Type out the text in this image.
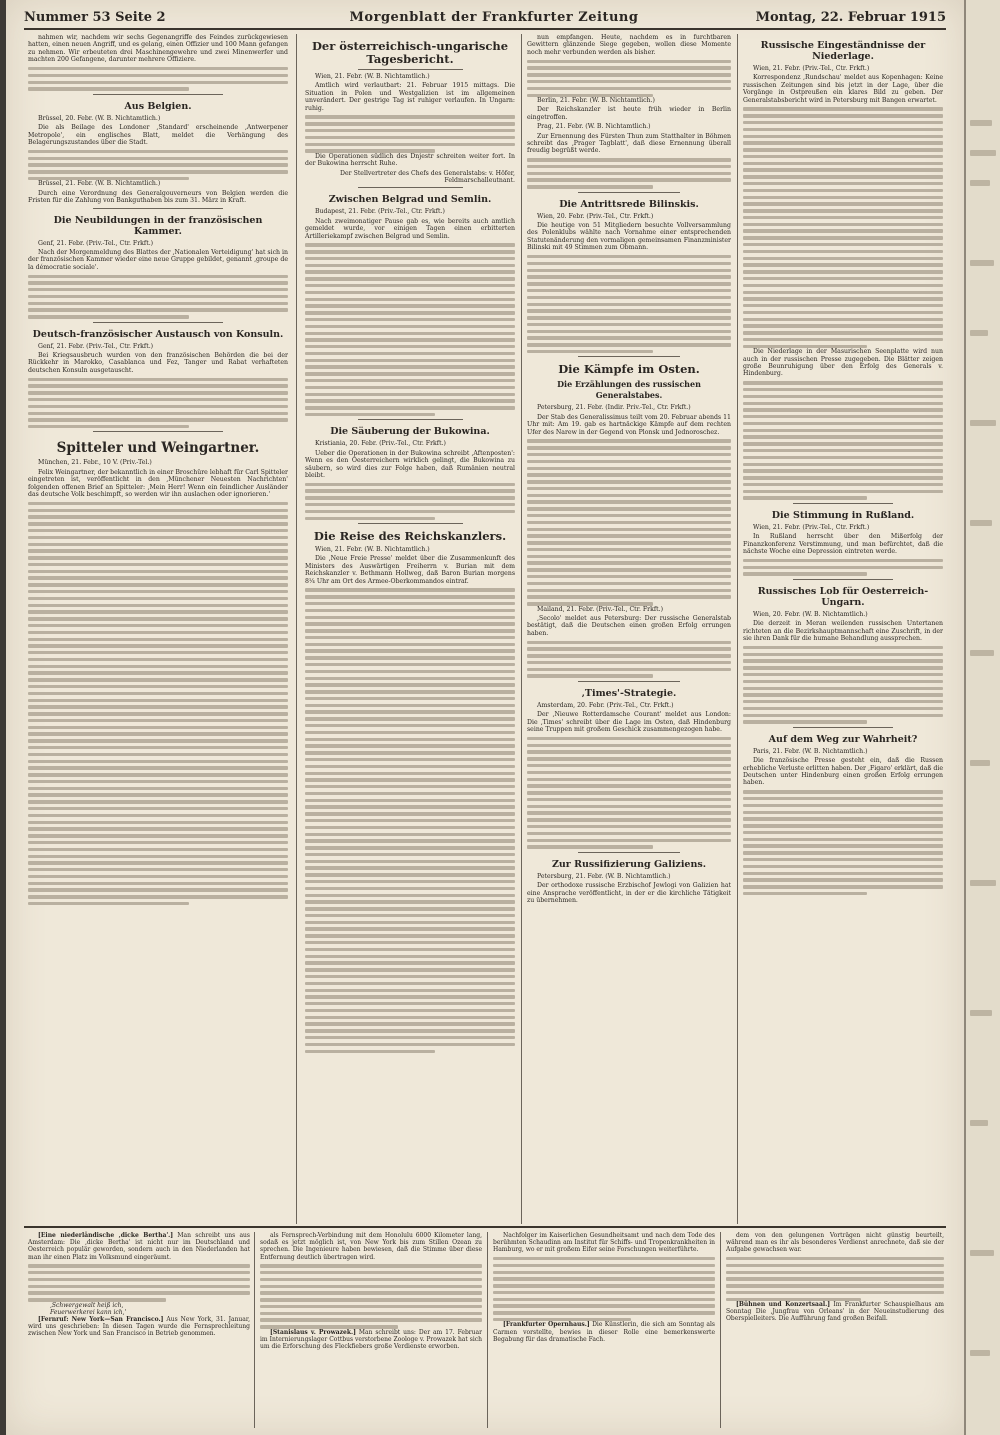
Nummer 53 Seite 2	Morgenblatt der Frankfurter Zeitung	Montag, 22. Februar 1915

nahmen wir, nachdem wir sechs Gegenangriffe des Feindes zurückgewiesen hatten, einen neuen Angriff, und es gelang, einen Offizier und 100 Mann gefangen zu nehmen. Wir erbeuteten drei Maschinengewehre und zwei Minenwerfer und machten 200 Gefangene, darunter mehrere Offiziere.

Aus Belgien.

Brüssel, 20. Febr. (W. B. Nichtamtlich.)

Die als Beilage des Londoner ‚Standard' erscheinende ‚Antwerpener Metropole', ein englisches Blatt, meldet die Verhängung des Belagerungszustandes über die Stadt.

Brüssel, 21. Febr. (W. B. Nichtamtlich.)

Durch eine Verordnung des Generalgouverneurs von Belgien werden die Fristen für die Zahlung von Bankguthaben bis zum 31. März in Kraft.

Die Neubildungen in der französischen Kammer.

Genf, 21. Febr. (Priv.-Tel., Ctr. Frkft.)

Nach der Morgenmeldung des Blattes der ‚Nationalen Verteidigung' hat sich in der französischen Kammer wieder eine neue Gruppe gebildet, genannt ‚groupe de la démocratie sociale'.

Deutsch-französischer Austausch von Konsuln.

Genf, 21. Febr. (Priv.-Tel., Ctr. Frkft.)

Bei Kriegsausbruch wurden von den französischen Behörden die bei der Rückkehr in Marokko, Casablanca und Fez, Tanger und Rabat verhafteten deutschen Konsuln ausgetauscht.

Spitteler und Weingartner.

München, 21. Febr., 10 V. (Priv.-Tel.)

Felix Weingartner, der bekanntlich in einer Broschüre lebhaft für Carl Spitteler eingetreten ist, veröffentlicht in den ‚Münchener Neuesten Nachrichten' folgenden offenen Brief an Spitteler: ‚Mein Herr! Wenn ein feindlicher Ausländer das deutsche Volk beschimpft, so werden wir ihn auslachen oder ignorieren.'

Der österreichisch-ungarische Tagesbericht.

Wien, 21. Febr. (W. B. Nichtamtlich.)

Amtlich wird verlautbart: 21. Februar 1915 mittags. Die Situation in Polen und Westgalizien ist im allgemeinen unverändert. Der gestrige Tag ist ruhiger verlaufen. In Ungarn: ruhig.

Die Operationen südlich des Dnjestr schreiten weiter fort. In der Bukowina herrscht Ruhe.

Der Stellvertreter des Chefs des Generalstabs: v. Höfer, Feldmarschalleutnant.

Zwischen Belgrad und Semlin.

Budapest, 21. Febr. (Priv.-Tel., Ctr. Frkft.)

Nach zweimonatiger Pause gab es, wie bereits auch amtlich gemeldet wurde, vor einigen Tagen einen erbitterten Artilleriekampf zwischen Belgrad und Semlin.

Die Säuberung der Bukowina.

Kristiania, 20. Febr. (Priv.-Tel., Ctr. Frkft.)

Ueber die Operationen in der Bukowina schreibt ‚Aftenposten': Wenn es den Oesterreichern wirklich gelingt, die Bukowina zu säubern, so wird dies zur Folge haben, daß Rumänien neutral bleibt.

Die Reise des Reichskanzlers.

Wien, 21. Febr. (W. B. Nichtamtlich.)

Die ‚Neue Freie Presse' meldet über die Zusammenkunft des Ministers des Auswärtigen Freiherrn v. Burian mit dem Reichskanzler v. Bethmann Hollweg, daß Baron Burian morgens 8¼ Uhr am Ort des Armee-Oberkommandos eintraf.

nun empfangen. Heute, nachdem es in furchtbaren Gewittern glänzende Siege gegeben, wollen diese Momente noch mehr verbunden werden als bisher.

Berlin, 21. Febr. (W. B. Nichtamtlich.)

Der Reichskanzler ist heute früh wieder in Berlin eingetroffen.

Prag, 21. Febr. (W. B. Nichtamtlich.)

Zur Ernennung des Fürsten Thun zum Statthalter in Böhmen schreibt das ‚Prager Tagblatt', daß diese Ernennung überall freudig begrüßt werde.

Die Antrittsrede Bilinskis.

Wien, 20. Febr. (Priv.-Tel., Ctr. Frkft.)

Die heutige von 51 Mitgliedern besuchte Vollversammlung des Polenklubs wählte nach Vornahme einer entsprechenden Statutenänderung den vormaligen gemeinsamen Finanzminister Bilinski mit 49 Stimmen zum Obmann.

Die Kämpfe im Osten.
Die Erzählungen des russischen Generalstabes.

Petersburg, 21. Febr. (Indir. Priv.-Tel., Ctr. Frkft.)

Der Stab des Generalissimus teilt vom 20. Februar abends 11 Uhr mit: Am 19. gab es hartnäckige Kämpfe auf dem rechten Ufer des Narew in der Gegend von Plonsk und Jednoroschez.

Mailand, 21. Febr. (Priv.-Tel., Ctr. Frkft.)

‚Secolo' meldet aus Petersburg: Der russische Generalstab bestätigt, daß die Deutschen einen großen Erfolg errungen haben.

‚Times'-Strategie.

Amsterdam, 20. Febr. (Priv.-Tel., Ctr. Frkft.)

Der ‚Nieuwe Rotterdamsche Courant' meldet aus London: Die ‚Times' schreibt über die Lage im Osten, daß Hindenburg seine Truppen mit großem Geschick zusammengezogen habe.

Zur Russifizierung Galiziens.

Petersburg, 21. Febr. (W. B. Nichtamtlich.)

Der orthodoxe russische Erzbischof Jewlogi von Galizien hat eine Ansprache veröffentlicht, in der er die kirchliche Tätigkeit zu übernehmen.

Russische Eingeständnisse der Niederlage.

Wien, 21. Febr. (Priv.-Tel., Ctr. Frkft.)

Korrespondenz ‚Rundschau' meldet aus Kopenhagen: Keine russischen Zeitungen sind bis jetzt in der Lage, über die Vorgänge in Ostpreußen ein klares Bild zu geben. Der Generalstabsbericht wird in Petersburg mit Bangen erwartet.

Die Niederlage in der Masurischen Seenplatte wird nun auch in der russischen Presse zugegeben. Die Blätter zeigen große Beunruhigung über den Erfolg des Generals v. Hindenburg.

Die Stimmung in Rußland.

Wien, 21. Febr. (Priv.-Tel., Ctr. Frkft.)

In Rußland herrscht über den Mißerfolg der Finanzkonferenz Verstimmung, und man befürchtet, daß die nächste Woche eine Depression eintreten werde.

Russisches Lob für Oesterreich-Ungarn.

Wien, 20. Febr. (W. B. Nichtamtlich.)

Die derzeit in Meran weilenden russischen Untertanen richteten an die Bezirkshauptmannschaft eine Zuschrift, in der sie ihren Dank für die humane Behandlung aussprechen.

Auf dem Weg zur Wahrheit?

Paris, 21. Febr. (W. B. Nichtamtlich.)

Die französische Presse gesteht ein, daß die Russen erhebliche Verluste erlitten haben. Der ‚Figaro' erklärt, daß die Deutschen unter Hindenburg einen großen Erfolg errungen haben.

[Eine niederländische ‚dicke Bertha'.] Man schreibt uns aus Amsterdam: Die ‚dicke Bertha' ist nicht nur im Deutschland und Oesterreich populär geworden, sondern auch in den Niederlanden hat man ihr einen Platz im Volksmund eingeräumt.

‚Schwergewalt heiß ich,
Feuerwerkerei kann ich,'

[Fernruf: New York—San Francisco.] Aus New York, 31. Januar, wird uns geschrieben: In diesen Tagen wurde die Fernsprechleitung zwischen New York und San Francisco in Betrieb genommen.

als Fernsprech-Verbindung mit dem Honolulu 6000 Kilometer lang, sodaß es jetzt möglich ist, von New York bis zum Stillen Ozean zu sprechen. Die Ingenieure haben bewiesen, daß die Stimme über diese Entfernung deutlich übertragen wird.

[Stanislaus v. Prowazek.] Man schreibt uns: Der am 17. Februar im Internierungslager Cottbus verstorbene Zoologe v. Prowazek hat sich um die Erforschung des Fleckfiebers große Verdienste erworben.

Nachfolger im Kaiserlichen Gesundheitsamt und nach dem Tode des berühmten Schaudinn am Institut für Schiffs- und Tropenkrankheiten in Hamburg, wo er mit großem Eifer seine Forschungen weiterführte.

[Frankfurter Opernhaus.] Die Künstlerin, die sich am Sonntag als Carmen vorstellte, bewies in dieser Rolle eine bemerkenswerte Begabung für das dramatische Fach.

dem von den gelungenen Vorträgen nicht günstig beurteilt, während man es ihr als besonderes Verdienst anrechnete, daß sie der Aufgabe gewachsen war.

[Bühnen und Konzertsaal.] Im Frankfurter Schauspielhaus am Sonntag Die ‚Jungfrau von Orleans' in der Neueinstudierung des Oberspielleiters. Die Aufführung fand großen Beifall.
